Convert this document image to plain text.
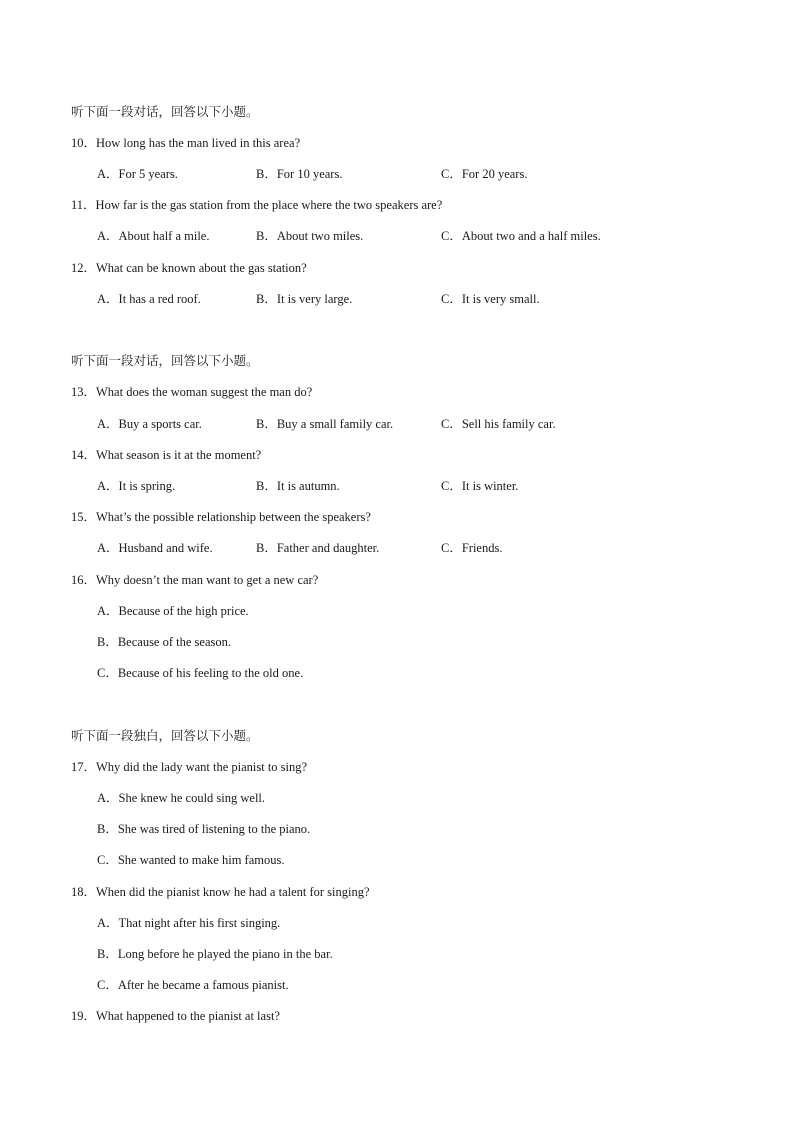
听下面一段对话，回答以下小题。
10．How long has the man lived in this area?
A．For 5 years.	B．For 10 years.	C．For 20 years.
11．How far is the gas station from the place where the two speakers are?
A．About half a mile.	B．About two miles.	C．About two and a half miles.
12．What can be known about the gas station?
A．It has a red roof.	B．It is very large.	C．It is very small.
听下面一段对话，回答以下小题。
13．What does the woman suggest the man do?
A．Buy a sports car.	B．Buy a small family car.	C．Sell his family car.
14．What season is it at the moment?
A．It is spring.	B．It is autumn.	C．It is winter.
15．What’s the possible relationship between the speakers?
A．Husband and wife.	B．Father and daughter.	C．Friends.
16．Why doesn’t the man want to get a new car?
A．Because of the high price.
B．Because of the season.
C．Because of his feeling to the old one.
听下面一段独白，回答以下小题。
17．Why did the lady want the pianist to sing?
A．She knew he could sing well.
B．She was tired of listening to the piano.
C．She wanted to make him famous.
18．When did the pianist know he had a talent for singing?
A．That night after his first singing.
B．Long before he played the piano in the bar.
C．After he became a famous pianist.
19．What happened to the pianist at last?
